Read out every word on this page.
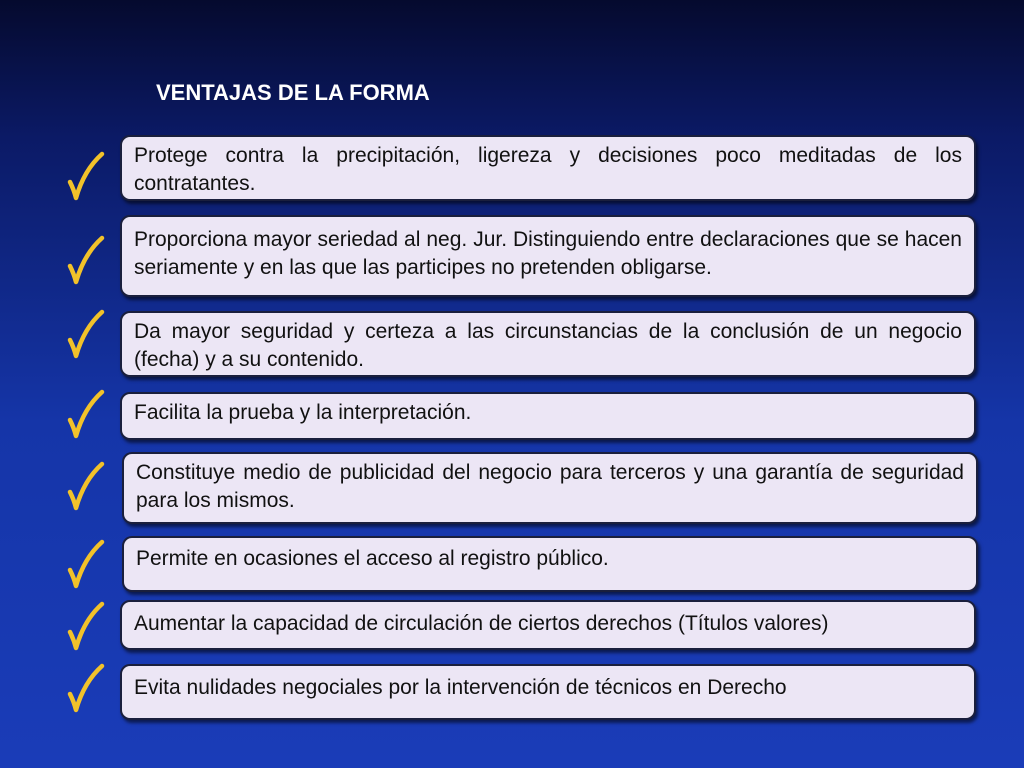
VENTAJAS DE LA FORMA
Protege contra la precipitación, ligereza y decisiones poco meditadas de los contratantes.
Proporciona mayor seriedad al neg. Jur. Distinguiendo entre declaraciones que se hacen seriamente y en las que las participes no pretenden obligarse.
Da mayor seguridad y certeza a las circunstancias de la conclusión de un negocio (fecha) y a su contenido.
Facilita la prueba y la interpretación.
Constituye medio de publicidad del negocio para terceros y una garantía de seguridad para los mismos.
Permite en ocasiones el acceso al registro público.
Aumentar la capacidad de circulación de ciertos derechos (Títulos valores)
Evita nulidades negociales por la intervención de técnicos en Derecho
